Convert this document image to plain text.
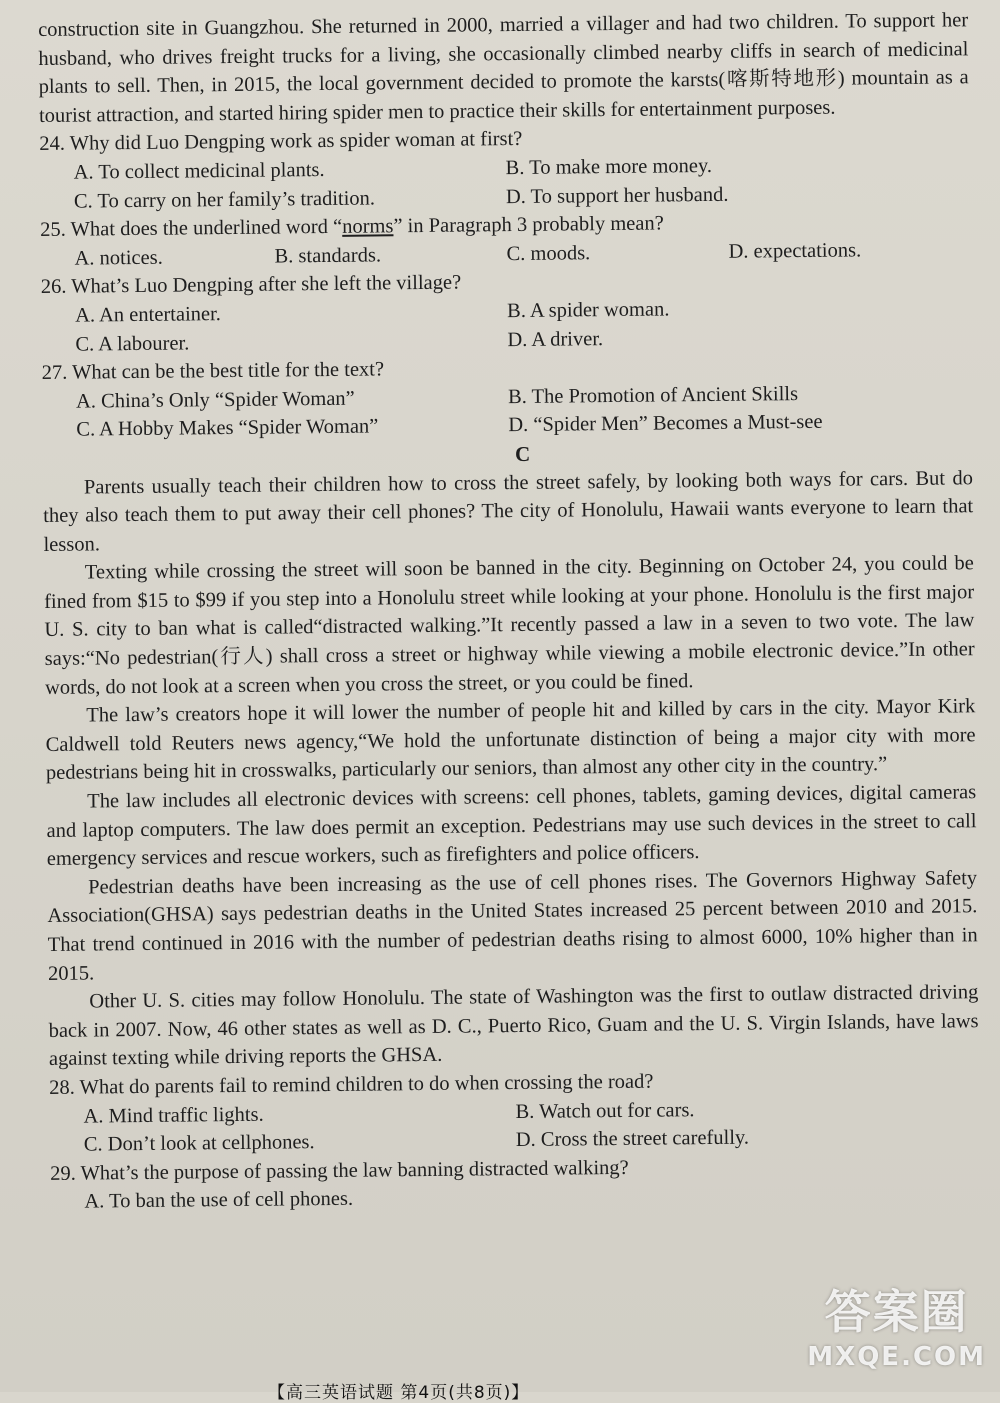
construction site in Guangzhou. She returned in 2000, married a villager and had two children. To support her husband, who drives freight trucks for a living, she occasionally climbed nearby cliffs in search of medicinal plants to sell. Then, in 2015, the local government decided to promote the karsts(喀斯特地形) mountain as a tourist attraction, and started hiring spider men to practice their skills for entertainment purposes.

24. Why did Luo Dengping work as spider woman at first?

A. To collect medicinal plants.	B. To make more money.
C. To carry on her family’s tradition.	D. To support her husband.

25. What does the underlined word “norms” in Paragraph 3 probably mean?

A. notices.	B. standards.	C. moods.	D. expectations.

26. What’s Luo Dengping after she left the village?

A. An entertainer.	B. A spider woman.
C. A labourer.	D. A driver.

27. What can be the best title for the text?

A. China’s Only “Spider Woman”	B. The Promotion of Ancient Skills
C. A Hobby Makes “Spider Woman”	D. “Spider Men” Becomes a Must-see

C

Parents usually teach their children how to cross the street safely, by looking both ways for cars. But do they also teach them to put away their cell phones? The city of Honolulu, Hawaii wants everyone to learn that lesson.

Texting while crossing the street will soon be banned in the city. Beginning on October 24, you could be fined from $15 to $99 if you step into a Honolulu street while looking at your phone. Honolulu is the first major U. S. city to ban what is called“distracted walking.”It recently passed a law in a seven to two vote. The law says:“No pedestrian(行人) shall cross a street or highway while viewing a mobile electronic device.”In other words, do not look at a screen when you cross the street, or you could be fined.

The law’s creators hope it will lower the number of people hit and killed by cars in the city. Mayor Kirk Caldwell told Reuters news agency,“We hold the unfortunate distinction of being a major city with more pedestrians being hit in crosswalks, particularly our seniors, than almost any other city in the country.”

The law includes all electronic devices with screens: cell phones, tablets, gaming devices, digital cameras and laptop computers. The law does permit an exception. Pedestrians may use such devices in the street to call emergency services and rescue workers, such as firefighters and police officers.

Pedestrian deaths have been increasing as the use of cell phones rises. The Governors Highway Safety Association(GHSA) says pedestrian deaths in the United States increased 25 percent between 2010 and 2015. That trend continued in 2016 with the number of pedestrian deaths rising to almost 6000, 10% higher than in 2015.

Other U. S. cities may follow Honolulu. The state of Washington was the first to outlaw distracted driving back in 2007. Now, 46 other states as well as D. C., Puerto Rico, Guam and the U. S. Virgin Islands, have laws against texting while driving reports the GHSA.

28. What do parents fail to remind children to do when crossing the road?

A. Mind traffic lights.	B. Watch out for cars.
C. Don’t look at cellphones.	D. Cross the street carefully.

29. What’s the purpose of passing the law banning distracted walking?

A. To ban the use of cell phones.
【高三英语试题 第4页(共8页)】
答案圈
MXQE.COM
